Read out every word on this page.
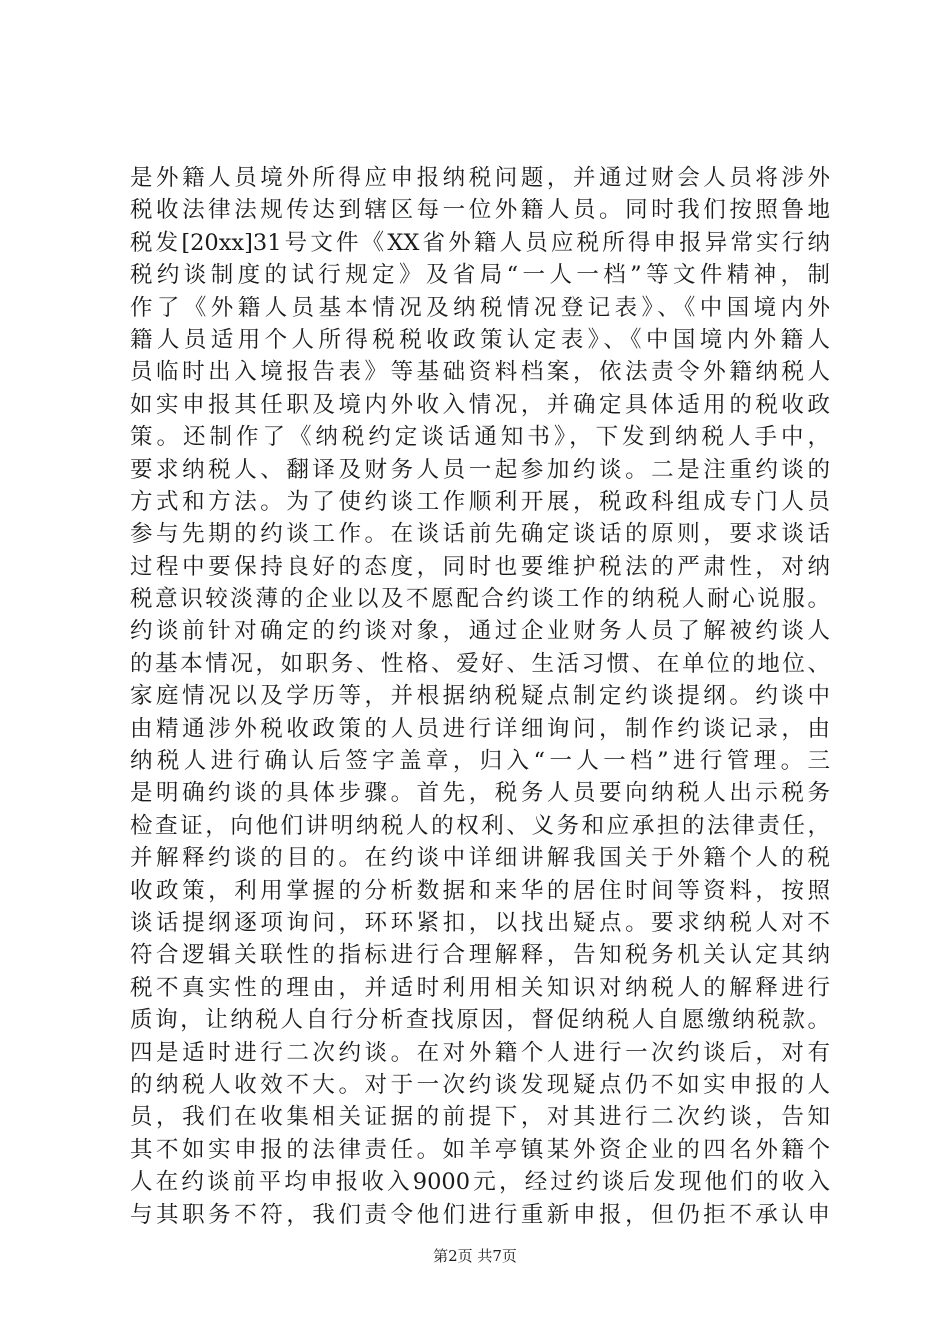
是外籍人员境外所得应申报纳税问题，并通过财会人员将涉外
税收法律法规传达到辖区每一位外籍人员。同时我们按照鲁地
税发[20xx]31号文件《XX省外籍人员应税所得申报异常实行纳
税约谈制度的试行规定》及省局“一人一档”等文件精神，制
作了《外籍人员基本情况及纳税情况登记表》、《中国境内外
籍人员适用个人所得税税收政策认定表》、《中国境内外籍人
员临时出入境报告表》等基础资料档案，依法责令外籍纳税人
如实申报其任职及境内外收入情况，并确定具体适用的税收政
策。还制作了《纳税约定谈话通知书》，下发到纳税人手中，
要求纳税人、翻译及财务人员一起参加约谈。二是注重约谈的
方式和方法。为了使约谈工作顺利开展，税政科组成专门人员
参与先期的约谈工作。在谈话前先确定谈话的原则，要求谈话
过程中要保持良好的态度，同时也要维护税法的严肃性，对纳
税意识较淡薄的企业以及不愿配合约谈工作的纳税人耐心说服。
约谈前针对确定的约谈对象，通过企业财务人员了解被约谈人
的基本情况，如职务、性格、爱好、生活习惯、在单位的地位、
家庭情况以及学历等，并根据纳税疑点制定约谈提纲。约谈中
由精通涉外税收政策的人员进行详细询问，制作约谈记录，由
纳税人进行确认后签字盖章，归入“一人一档”进行管理。三
是明确约谈的具体步骤。首先，税务人员要向纳税人出示税务
检查证，向他们讲明纳税人的权利、义务和应承担的法律责任，
并解释约谈的目的。在约谈中详细讲解我国关于外籍个人的税
收政策，利用掌握的分析数据和来华的居住时间等资料，按照
谈话提纲逐项询问，环环紧扣，以找出疑点。要求纳税人对不
符合逻辑关联性的指标进行合理解释，告知税务机关认定其纳
税不真实性的理由，并适时利用相关知识对纳税人的解释进行
质询，让纳税人自行分析查找原因，督促纳税人自愿缴纳税款。
四是适时进行二次约谈。在对外籍个人进行一次约谈后，对有
的纳税人收效不大。对于一次约谈发现疑点仍不如实申报的人
员，我们在收集相关证据的前提下，对其进行二次约谈，告知
其不如实申报的法律责任。如羊亭镇某外资企业的四名外籍个
人在约谈前平均申报收入9000元，经过约谈后发现他们的收入
与其职务不符，我们责令他们进行重新申报，但仍拒不承认申
第2页 共7页
